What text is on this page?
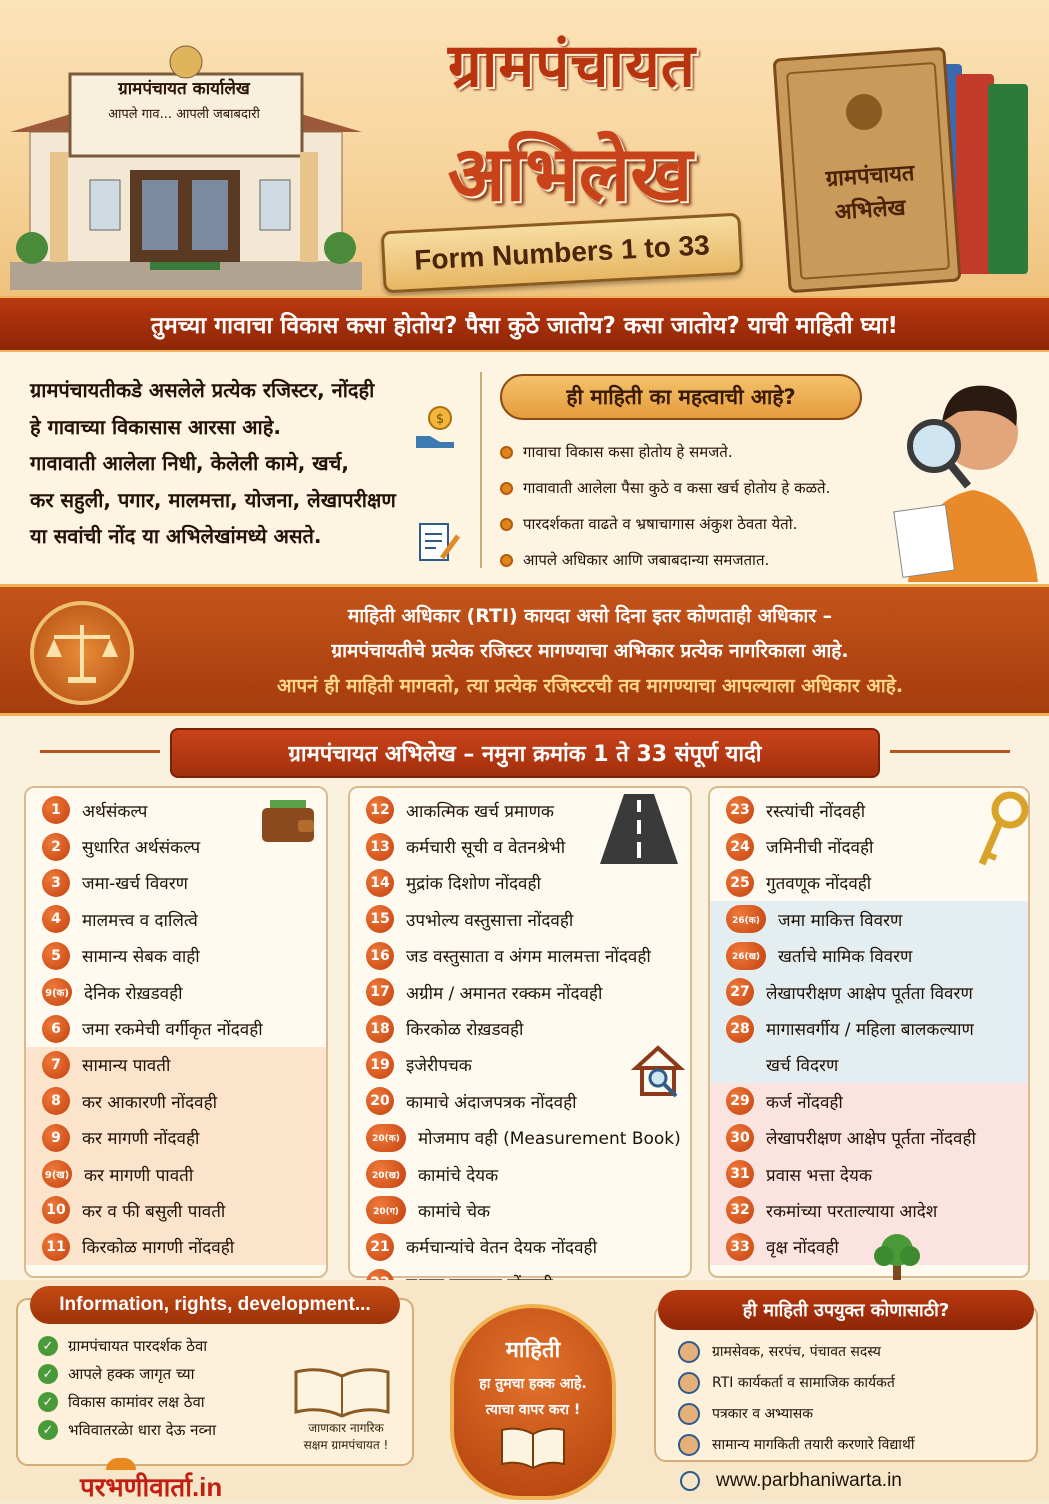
ग्रामपंचायत कार्यालेख
आपले गाव... आपली जबाबदारी
ग्रामपंचायत
अभिलेख
Form Numbers 1 to 33
ग्रामपंचायत
अभिलेख
तुमच्या गावाचा विकास कसा होतोय? पैसा कुठे जातोय? कसा जातोय? याची माहिती घ्या!

ग्रामपंचायतीकडे असलेले प्रत्येक रजिस्टर, नोंदही

हे गावाच्या विकासास आरसा आहे.

गावावाती आलेला निधी, केलेली कामे, खर्च,

कर सहुली, पगार, मालमत्ता, योजना, लेखापरीक्षण

या सवांची नोंद या अभिलेखांमध्ये असते.

$
ही माहिती का महत्वाची आहे?
गावाचा विकास कसा होतोय हे समजते.
गावावाती आलेला पैसा कुठे व कसा खर्च होतोय हे कळते.
पारदर्शकता वाढते व भ्रषाचागास अंकुश ठेवता येतो.
आपले अधिकार आणि जबाबदान्या समजतात.
माहिती अधिकार (RTI) कायदा असो दिना इतर कोणताही अधिकार –
ग्रामपंचायतीचे प्रत्येक रजिस्टर मागण्याचा अभिकार प्रत्येक नागरिकाला आहे.
आपनं ही माहिती मागवतो, त्या प्रत्येक रजिस्टरची तव मागण्याचा आपल्याला अधिकार आहे.
ग्रामपंचायत अभिलेख – नमुना क्रमांक 1 ते 33 संपूर्ण यादी
1	अर्थसंकल्प
2	सुधारित अर्थसंकल्प
3	जमा-खर्च विवरण
4	मालमत्त्व व दालित्वे
5	सामान्य सेबक वाही
9(क) देनिक रोख़डवही
6	जमा रकमेची वर्गीकृत नोंदवही
7	सामान्य पावती
8	कर आकारणी नोंदवही
9	कर मागणी नोंदवही
9(ख) कर मागणी पावती
10 कर व फी बसुली पावती
11 किरकोळ मागणी नोंदवही
12 आकत्मिक खर्च प्रमाणक
13 कर्मचारी सूची व वेतनश्रेभी
14 मुद्रांक दिशोण नोंदवही
15 उपभोल्य वस्तुसात्ता नोंदवही
16 जड वस्तुसाता व अंगम मालमत्ता नोंदवही
17 अग्रीम / अमानत रक्कम नोंदवही
18 किरकोळ रोख़डवही
19 इजेरीपचक
20 कामाचे अंदाजपत्रक नोंदवही
20(क)	मोजमाप वही (Measurement Book)
20(ख)	कामांचे देयक
20(ग)	कामांचे चेक
21 कर्मचान्यांचे वेतन देयक नोंदवही
23 रस्त्यांची नोंदवही
24 जमिनीची नोंदवही
25 गुतवणूक नोंदवही
26(क)	जमा माकित्त विवरण
26(ख)	खर्ताचे मामिक विवरण
27 लेखापरीक्षण आक्षेप पूर्तता विवरण
28 मागासवर्गीय / महिला बालकल्याण
खर्च विदरण
29 कर्ज नोंदवही
30 लेखापरीक्षण आक्षेप पूर्तता नोंदवही
31 प्रवास भत्ता देयक
32 रकमांच्या परताल्याया आदेश
33 वृक्ष नोंदवही
Information, rights, development...
✓ ग्रामपंचायत पारदर्शक ठेवा
✓ आपले हक्क जागृत च्या
✓ विकास कामांवर लक्ष ठेवा
✓ भविवातरळेा धारा देऊ नव्ना	जाणकार नागरिक
सक्षम ग्रामपंचायत !
माहिती
हा तुमचा हक्क आहे.
त्याचा वापर करा !
ही माहिती उपयुक्त कोणासाठी?
ग्रामसेवक, सरपंच, पंचावत सदस्य
RTI कार्यकर्ता व सामाजिक कार्यकर्त
पत्रकार व अभ्यासक
सामान्य मागकिती तयारी करणारे विद्यार्थी
परभणीवार्ता.in	www.parbhaniwarta.in
